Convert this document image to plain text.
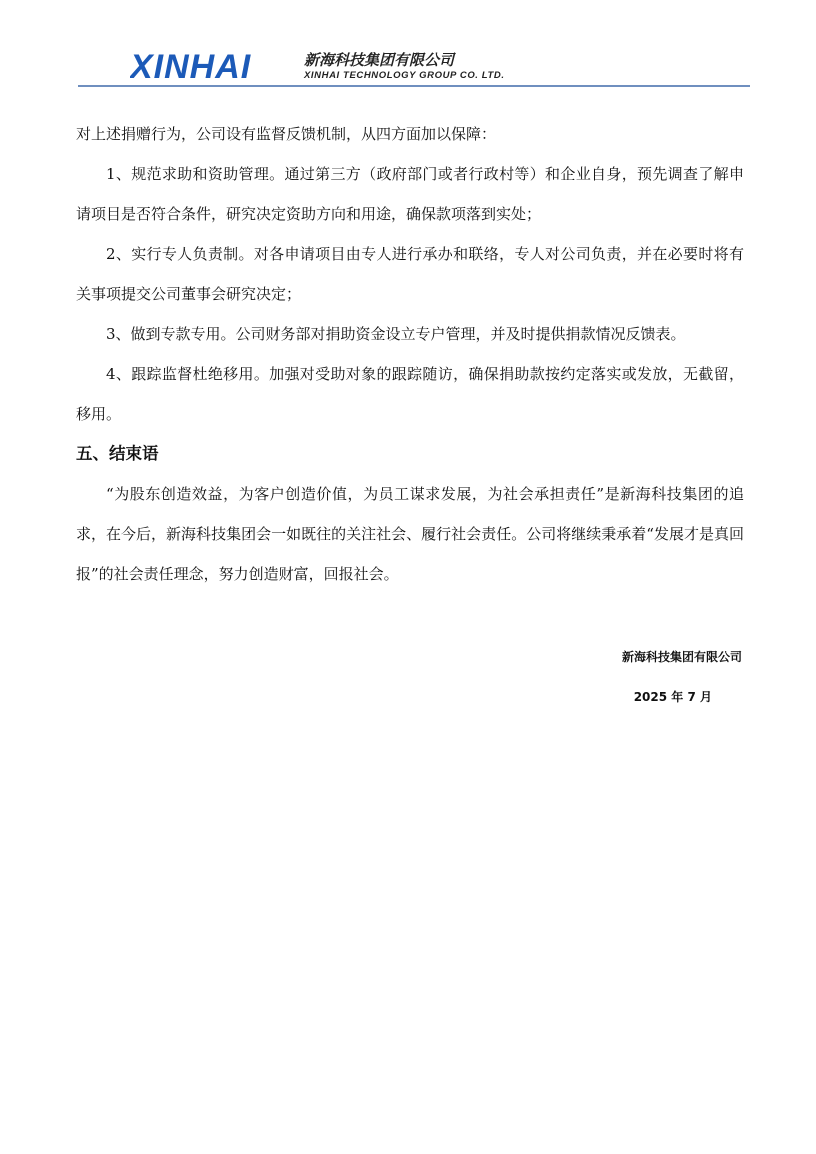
XINHAI	新海科技集团有限公司
XINHAI TECHNOLOGY GROUP CO. LTD.

对上述捐赠行为，公司设有监督反馈机制，从四方面加以保障：

1、规范求助和资助管理。通过第三方（政府部门或者行政村等）和企业自身，预先调查了解申请项目是否符合条件，研究决定资助方向和用途，确保款项落到实处；

2、实行专人负责制。对各申请项目由专人进行承办和联络，专人对公司负责，并在必要时将有关事项提交公司董事会研究决定；

3、做到专款专用。公司财务部对捐助资金设立专户管理，并及时提供捐款情况反馈表。

4、跟踪监督杜绝移用。加强对受助对象的跟踪随访，确保捐助款按约定落实或发放，无截留，移用。

五、结束语

“为股东创造效益，为客户创造价值，为员工谋求发展，为社会承担责任”是新海科技集团的追求，在今后，新海科技集团会一如既往的关注社会、履行社会责任。公司将继续秉承着“发展才是真回报”的社会责任理念，努力创造财富，回报社会。

新海科技集团有限公司
2025 年 7 月
